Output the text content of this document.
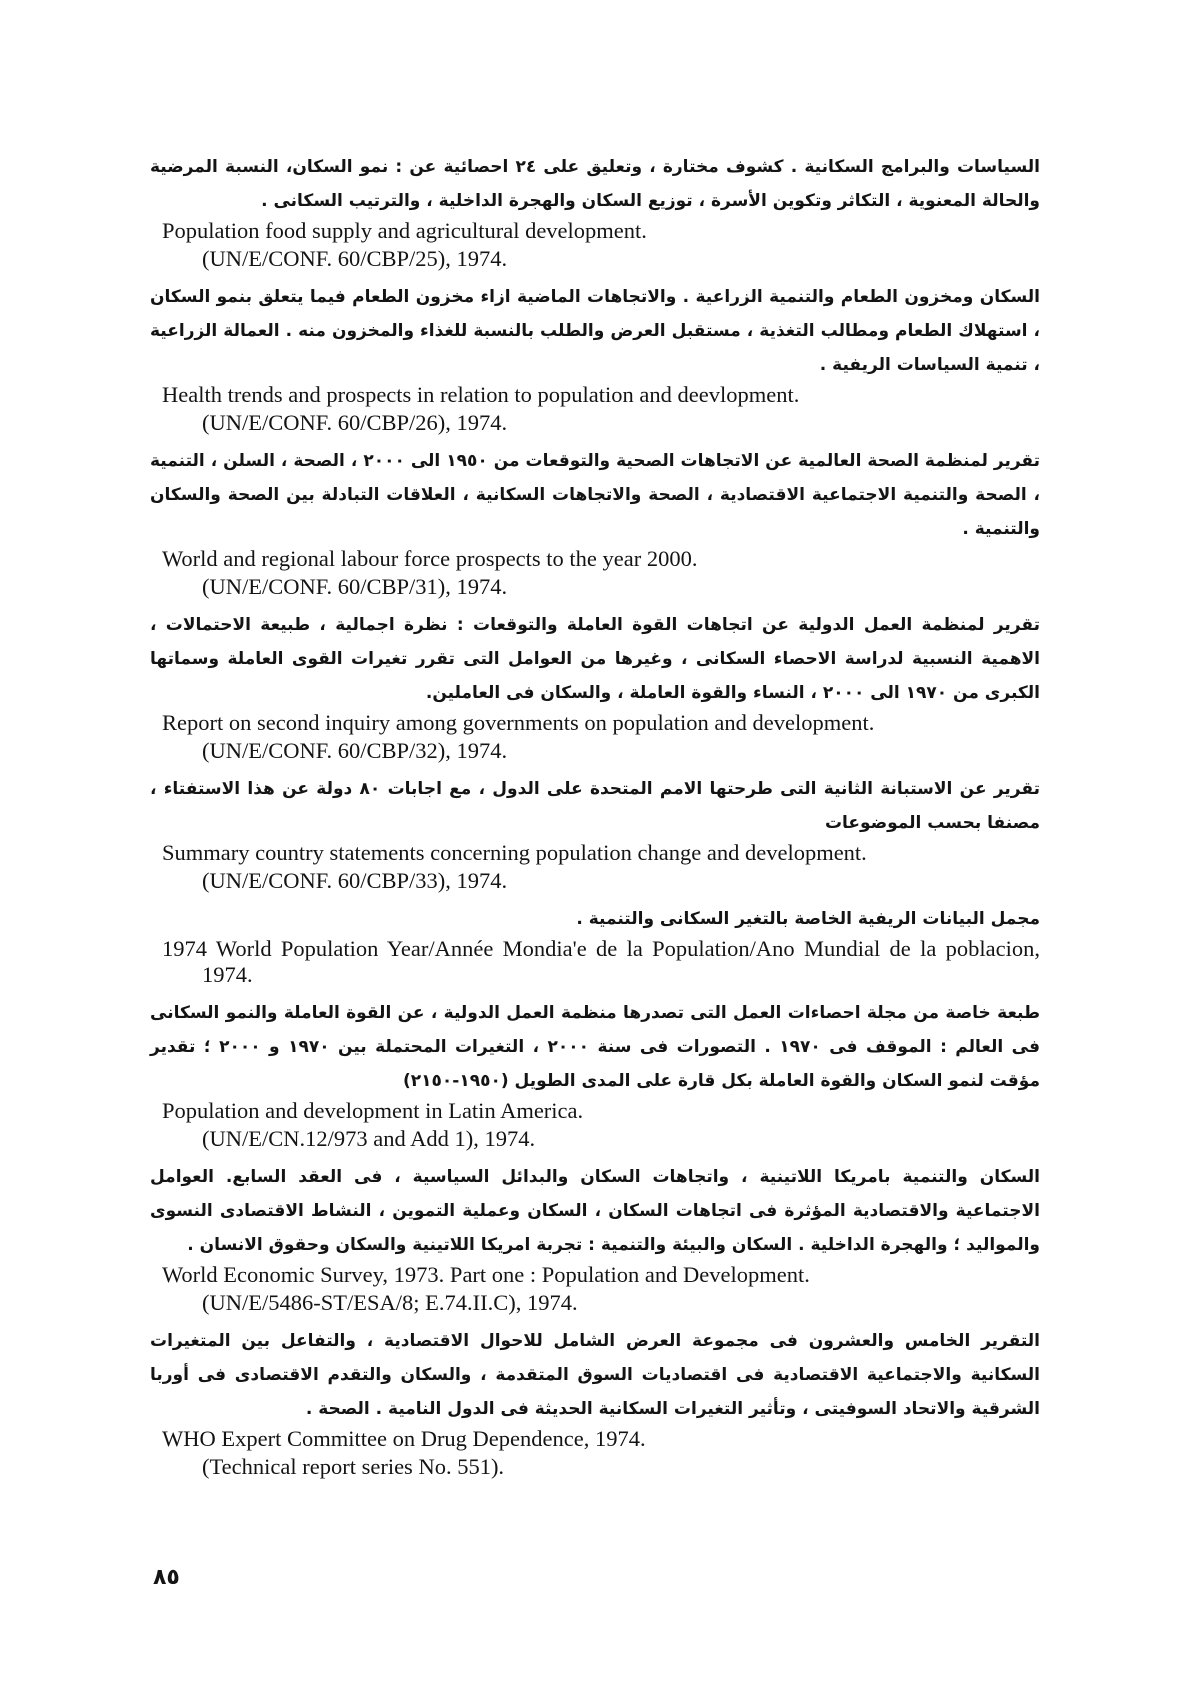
السياسات والبرامج السكانية . كشوف مختارة ، وتعليق على ٢٤ احصائية عن : نمو السكان، النسبة المرضية والحالة المعنوية ، التكاثر وتكوين الأسرة ، توزيع السكان والهجرة الداخلية ، والترتيب السكانى .

Population food supply and agricultural development.

(UN/E/CONF. 60/CBP/25), 1974.

السكان ومخزون الطعام والتنمية الزراعية . والاتجاهات الماضية ازاء مخزون الطعام فيما يتعلق بنمو السكان ، استهلاك الطعام ومطالب التغذية ، مستقبل العرض والطلب بالنسبة للغذاء والمخزون منه . العمالة الزراعية ، تنمية السياسات الريفية .

Health trends and prospects in relation to population and deevlopment.

(UN/E/CONF. 60/CBP/26), 1974.

تقرير لمنظمة الصحة العالمية عن الاتجاهات الصحية والتوقعات من ١٩٥٠ الى ٢٠٠٠ ، الصحة ، السلن ، التنمية ، الصحة والتنمية الاجتماعية الاقتصادية ، الصحة والاتجاهات السكانية ، العلاقات التبادلة بين الصحة والسكان والتنمية .

World and regional labour force prospects to the year 2000.

(UN/E/CONF. 60/CBP/31), 1974.

تقرير لمنظمة العمل الدولية عن اتجاهات القوة العاملة والتوقعات : نظرة اجمالية ، طبيعة الاحتمالات ، الاهمية النسبية لدراسة الاحصاء السكانى ، وغيرها من العوامل التى تقرر تغيرات القوى العاملة وسماتها الكبرى من ١٩٧٠ الى ٢٠٠٠ ، النساء والقوة العاملة ، والسكان فى العاملين.

Report on second inquiry among governments on population and development.

(UN/E/CONF. 60/CBP/32), 1974.

تقرير عن الاستبانة الثانية التى طرحتها الامم المتحدة على الدول ، مع اجابات ٨٠ دولة عن هذا الاستفتاء ، مصنفا بحسب الموضوعات

Summary country statements concerning population change and development.

(UN/E/CONF. 60/CBP/33), 1974.

مجمل البيانات الريفية الخاصة بالتغير السكانى والتنمية .

1974 World Population Year/Année Mondia'e de la Population/Ano Mundial de la poblacion, 1974.

طبعة خاصة من مجلة احصاءات العمل التى تصدرها منظمة العمل الدولية ، عن القوة العاملة والنمو السكانى فى العالم : الموقف فى ١٩٧٠ . التصورات فى سنة ٢٠٠٠ ، التغيرات المحتملة بين ١٩٧٠ و ٢٠٠٠ ؛ تقدير مؤقت لنمو السكان والقوة العاملة بكل قارة على المدى الطويل (١٩٥٠-٢١٥٠)

Population and development in Latin America.

(UN/E/CN.12/973 and Add 1), 1974.

السكان والتنمية بامريكا اللاتينية ، واتجاهات السكان والبدائل السياسية ، فى العقد السابع. العوامل الاجتماعية والاقتصادية المؤثرة فى اتجاهات السكان ، السكان وعملية التموين ، النشاط الاقتصادى النسوى والمواليد ؛ والهجرة الداخلية . السكان والبيئة والتنمية : تجربة امريكا اللاتينية والسكان وحقوق الانسان .

World Economic Survey, 1973. Part one : Population and Development.

(UN/E/5486-ST/ESA/8; E.74.II.C), 1974.

التقرير الخامس والعشرون فى مجموعة العرض الشامل للاحوال الاقتصادية ، والتفاعل بين المتغيرات السكانية والاجتماعية الاقتصادية فى اقتصاديات السوق المتقدمة ، والسكان والتقدم الاقتصادى فى أوربا الشرقية والاتحاد السوفيتى ، وتأثير التغيرات السكانية الحديثة فى الدول النامية . الصحة .

WHO Expert Committee on Drug Dependence, 1974.

(Technical report series No. 551).

٨٥
